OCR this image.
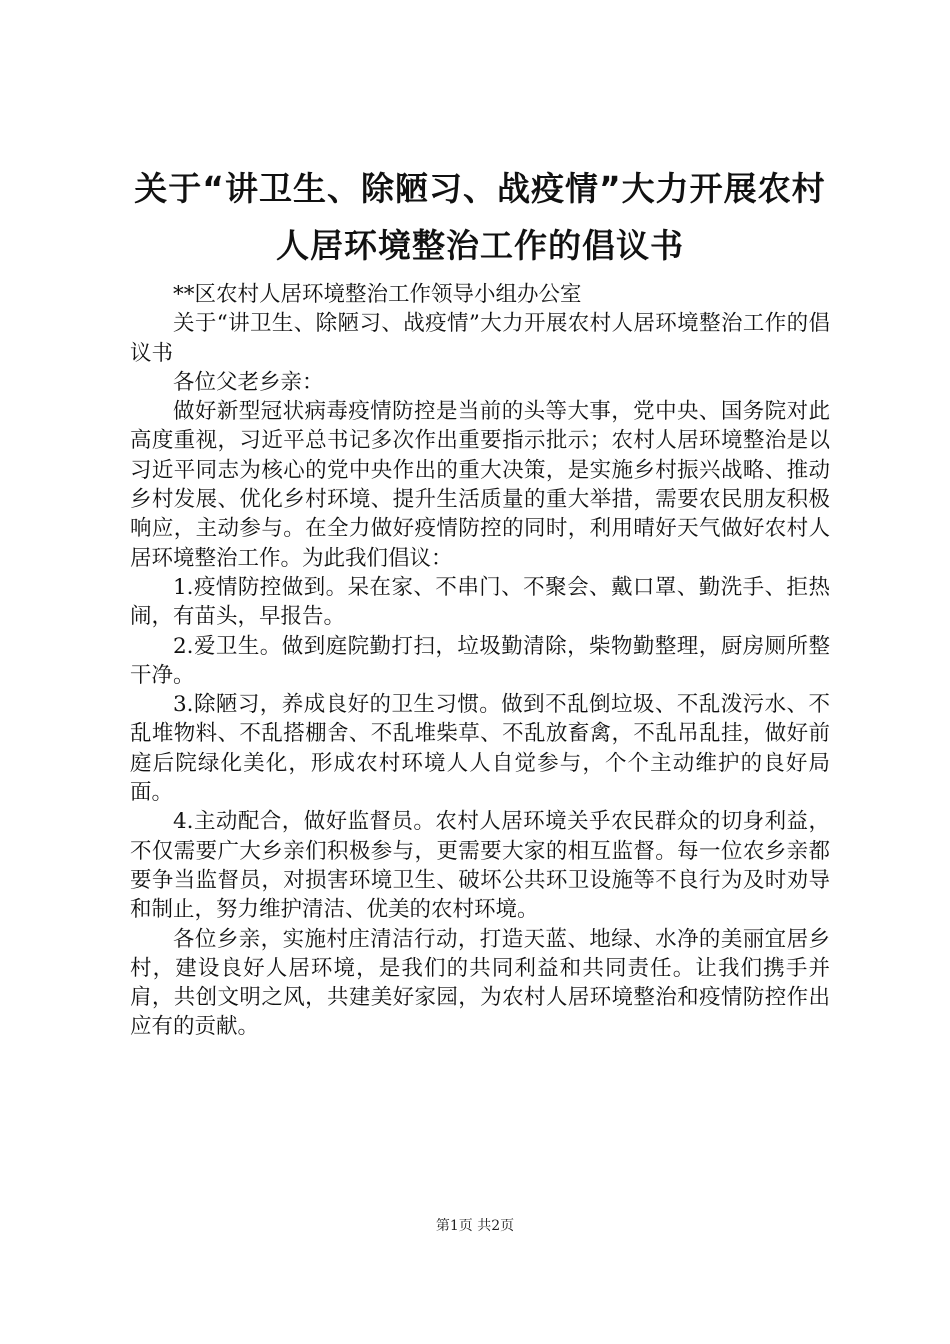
关于“讲卫生、除陋习、战疫情”大力开展农村人居环境整治工作的倡议书

**区农村人居环境整治工作领导小组办公室

关于“讲卫生、除陋习、战疫情”大力开展农村人居环境整治工作的倡议书

各位父老乡亲：

做好新型冠状病毒疫情防控是当前的头等大事，党中央、国务院对此高度重视，习近平总书记多次作出重要指示批示；农村人居环境整治是以习近平同志为核心的党中央作出的重大决策，是实施乡村振兴战略、推动乡村发展、优化乡村环境、提升生活质量的重大举措，需要农民朋友积极响应，主动参与。在全力做好疫情防控的同时，利用晴好天气做好农村人居环境整治工作。为此我们倡议：

1.疫情防控做到。呆在家、不串门、不聚会、戴口罩、勤洗手、拒热闹，有苗头，早报告。

2.爱卫生。做到庭院勤打扫，垃圾勤清除，柴物勤整理，厨房厕所整干净。

3.除陋习，养成良好的卫生习惯。做到不乱倒垃圾、不乱泼污水、不乱堆物料、不乱搭棚舍、不乱堆柴草、不乱放畜禽，不乱吊乱挂，做好前庭后院绿化美化，形成农村环境人人自觉参与，个个主动维护的良好局面。

4.主动配合，做好监督员。农村人居环境关乎农民群众的切身利益，不仅需要广大乡亲们积极参与，更需要大家的相互监督。每一位农乡亲都要争当监督员，对损害环境卫生、破坏公共环卫设施等不良行为及时劝导和制止，努力维护清洁、优美的农村环境。

各位乡亲，实施村庄清洁行动，打造天蓝、地绿、水净的美丽宜居乡村，建设良好人居环境，是我们的共同利益和共同责任。让我们携手并肩，共创文明之风，共建美好家园，为农村人居环境整治和疫情防控作出应有的贡献。

第1页 共2页
